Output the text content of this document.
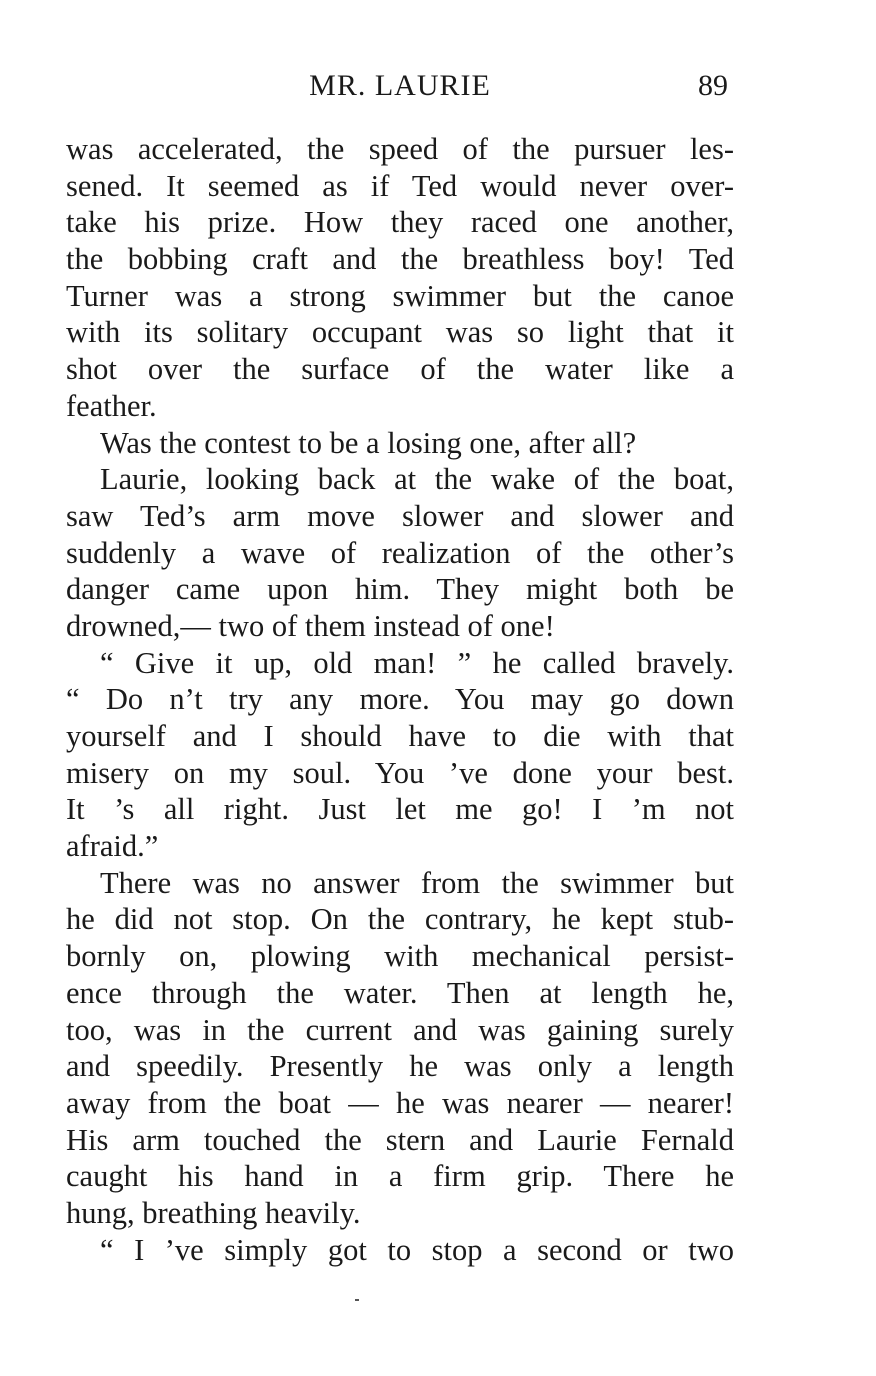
MR. LAURIE	89
was accelerated, the speed of the pursuer les-
sened. It seemed as if Ted would never over-
take his prize. How they raced one another,
the bobbing craft and the breathless boy! Ted
Turner was a strong swimmer but the canoe
with its solitary occupant was so light that it
shot over the surface of the water like a
feather.
Was the contest to be a losing one, after all?
Laurie, looking back at the wake of the boat,
saw Ted’s arm move slower and slower and
suddenly a wave of realization of the other’s
danger came upon him. They might both be
drowned,— two of them instead of one!
“ Give it up, old man! ” he called bravely.
“ Do n’t try any more. You may go down
yourself and I should have to die with that
misery on my soul. You ’ve done your best.
It ’s all right. Just let me go! I ’m not
afraid.”
There was no answer from the swimmer but
he did not stop. On the contrary, he kept stub-
bornly on, plowing with mechanical persist-
ence through the water. Then at length he,
too, was in the current and was gaining surely
and speedily. Presently he was only a length
away from the boat — he was nearer — nearer!
His arm touched the stern and Laurie Fernald
caught his hand in a firm grip. There he
hung, breathing heavily.
“ I ’ve simply got to stop a second or two
